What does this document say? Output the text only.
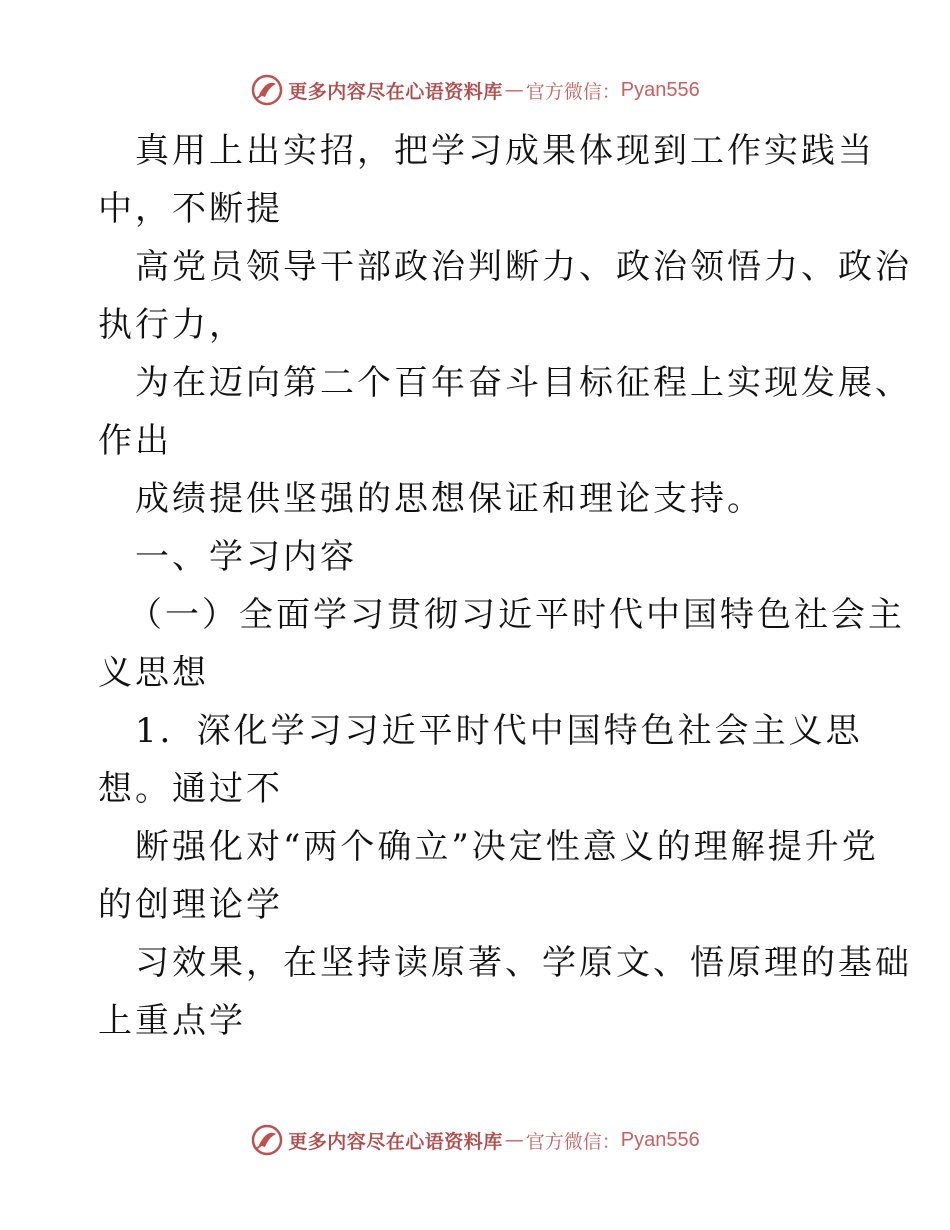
更多内容尽在心语资料库 — 官方微信： Pyan556
真用上出实招，把学习成果体现到工作实践当
中，不断提
高党员领导干部政治判断力、政治领悟力、政治
执行力，
为在迈向第二个百年奋斗目标征程上实现发展、
作出
成绩提供坚强的思想保证和理论支持。
一、学习内容
（一）全面学习贯彻习近平时代中国特色社会主
义思想
1．深化学习习近平时代中国特色社会主义思
想。通过不
断强化对“两个确立”决定性意义的理解提升党
的创理论学
习效果，在坚持读原著、学原文、悟原理的基础
上重点学
更多内容尽在心语资料库 — 官方微信： Pyan556
